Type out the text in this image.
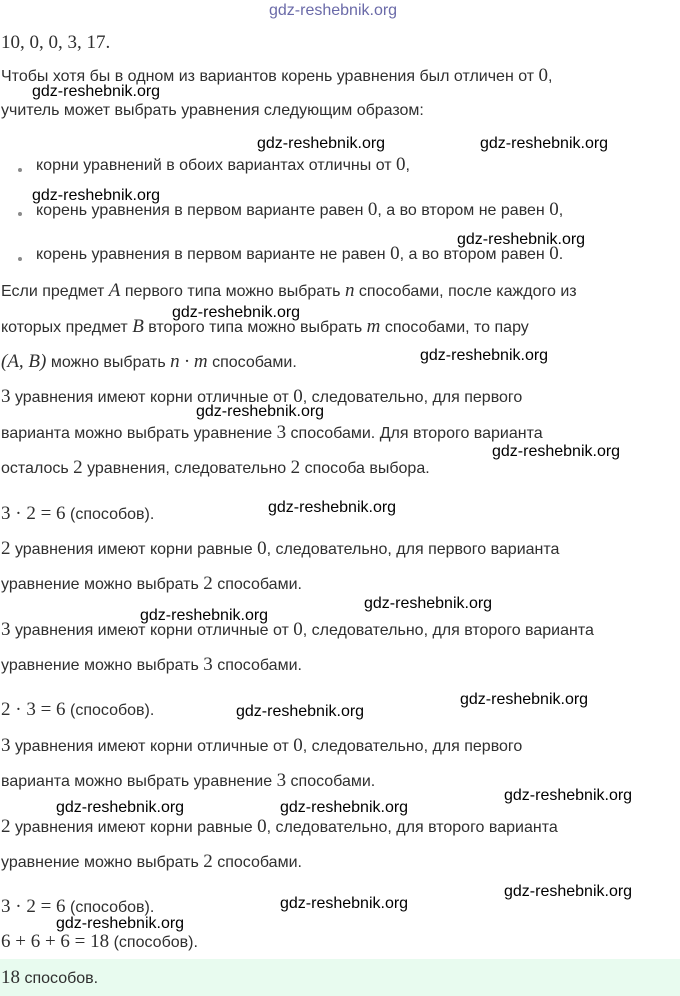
gdz-reshebnik.org
10, 0, 0, 3, 17.
Чтобы хотя бы в одном из вариантов корень уравнения был отличен от 0,
учитель может выбрать уравнения следующим образом:
корни уравнений в обоих вариантах отличны от 0,
корень уравнения в первом варианте равен 0, а во втором не равен 0,
корень уравнения в первом варианте не равен 0, а во втором равен 0.
Если предмет A первого типа можно выбрать n способами, после каждого из
которых предмет B второго типа можно выбрать m способами, то пару
(A, B) можно выбрать n · m способами.
3 уравнения имеют корни отличные от 0, следовательно, для первого
варианта можно выбрать уравнение 3 способами. Для второго варианта
осталось 2 уравнения, следовательно 2 способа выбора.
3 · 2 = 6 (способов).
2 уравнения имеют корни равные 0, следовательно, для первого варианта
уравнение можно выбрать 2 способами.
3 уравнения имеют корни отличные от 0, следовательно, для второго варианта
уравнение можно выбрать 3 способами.
2 · 3 = 6 (способов).
3 уравнения имеют корни отличные от 0, следовательно, для первого
варианта можно выбрать уравнение 3 способами.
2 уравнения имеют корни равные 0, следовательно, для второго варианта
уравнение можно выбрать 2 способами.
3 · 2 = 6 (способов).
6 + 6 + 6 = 18 (способов).
18 способов.
gdz-reshebnik.org
gdz-reshebnik.org	gdz-reshebnik.org
gdz-reshebnik.org
gdz-reshebnik.org
gdz-reshebnik.org
gdz-reshebnik.org
gdz-reshebnik.org
gdz-reshebnik.org
gdz-reshebnik.org
gdz-reshebnik.org
gdz-reshebnik.org
gdz-reshebnik.org
gdz-reshebnik.org
gdz-reshebnik.org
gdz-reshebnik.org	gdz-reshebnik.org
gdz-reshebnik.org
gdz-reshebnik.org
gdz-reshebnik.org
